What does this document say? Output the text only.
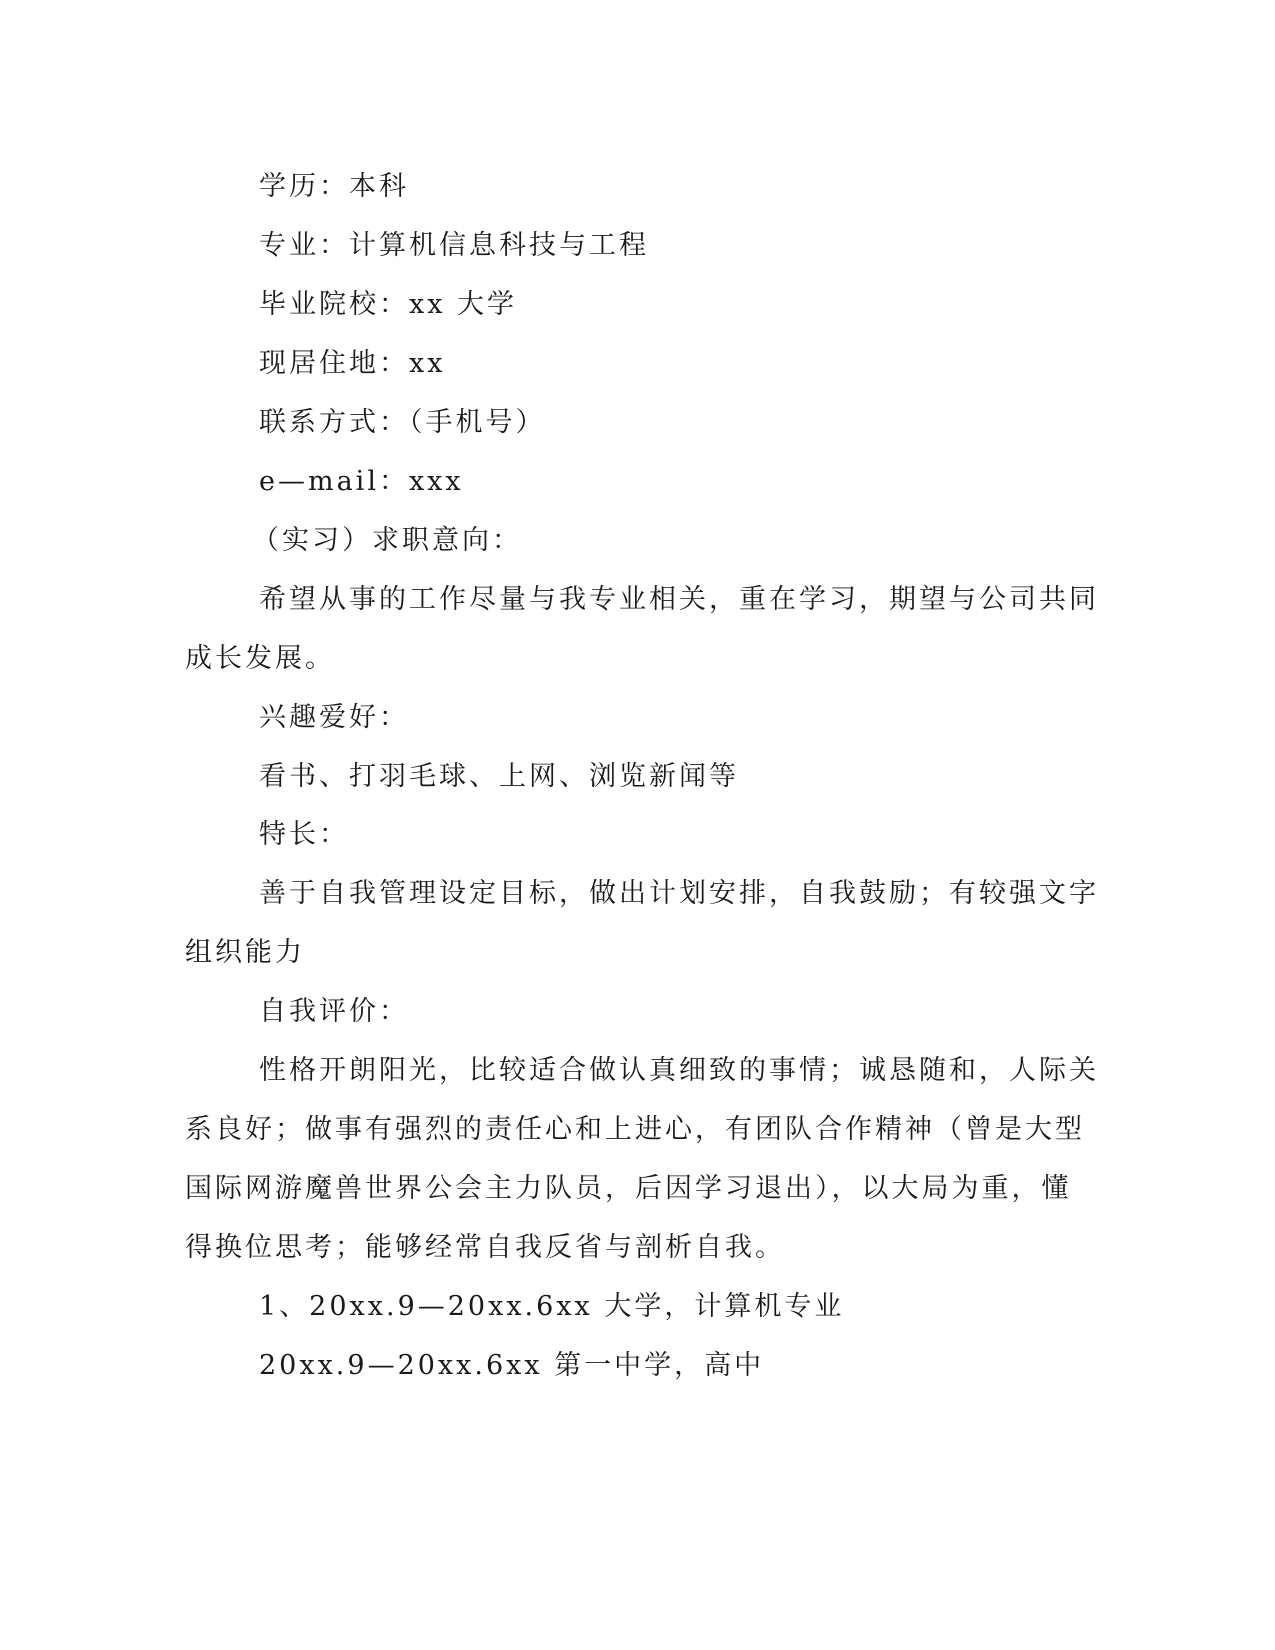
学历：本科
专业：计算机信息科技与工程
毕业院校：xx 大学
现居住地：xx
联系方式：（手机号）
e—mail：xxx
（实习）求职意向：
希望从事的工作尽量与我专业相关，重在学习，期望与公司共同
成长发展。
兴趣爱好：
看书、打羽毛球、上网、浏览新闻等
特长：
善于自我管理设定目标，做出计划安排，自我鼓励；有较强文字
组织能力
自我评价：
性格开朗阳光，比较适合做认真细致的事情；诚恳随和，人际关
系良好；做事有强烈的责任心和上进心，有团队合作精神（曾是大型
国际网游魔兽世界公会主力队员，后因学习退出），以大局为重，懂
得换位思考；能够经常自我反省与剖析自我。
1、20xx.9—20xx.6xx 大学，计算机专业
20xx.9—20xx.6xx 第一中学，高中
